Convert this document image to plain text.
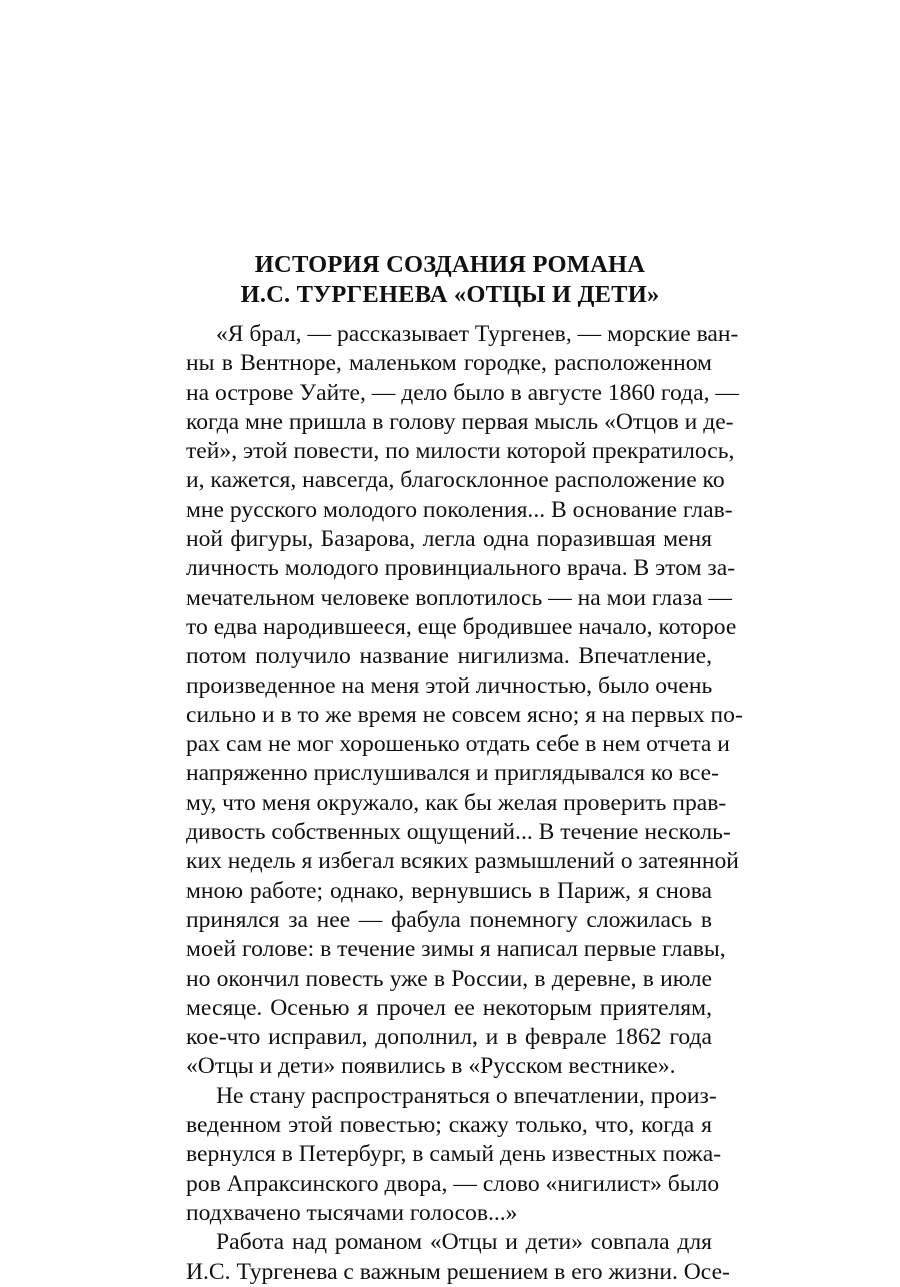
ИСТОРИЯ СОЗДАНИЯ РОМАНА
И.С. ТУРГЕНЕВА «ОТЦЫ И ДЕТИ»
«Я брал, — рассказывает Тургенев, — морские ван-
ны в Вентноре, маленьком городке, расположенном
на острове Уайте, — дело было в августе 1860 года, —
когда мне пришла в голову первая мысль «Отцов и де-
тей», этой повести, по милости которой прекратилось,
и, кажется, навсегда, благосклонное расположение ко
мне русского молодого поколения... В основание глав-
ной фигуры, Базарова, легла одна поразившая меня
личность молодого провинциального врача. В этом за-
мечательном человеке воплотилось — на мои глаза —
то едва народившееся, еще бродившее начало, которое
потом получило название нигилизма. Впечатление,
произведенное на меня этой личностью, было очень
сильно и в то же время не совсем ясно; я на первых по-
рах сам не мог хорошенько отдать себе в нем отчета и
напряженно прислушивался и приглядывался ко все-
му, что меня окружало, как бы желая проверить прав-
дивость собственных ощущений... В течение несколь-
ких недель я избегал всяких размышлений о затеянной
мною работе; однако, вернувшись в Париж, я снова
принялся за нее — фабула понемногу сложилась в
моей голове: в течение зимы я написал первые главы,
но окончил повесть уже в России, в деревне, в июле
месяце. Осенью я прочел ее некоторым приятелям,
кое-что исправил, дополнил, и в феврале 1862 года
«Отцы и дети» появились в «Русском вестнике».
Не стану распространяться о впечатлении, произ-
веденном этой повестью; скажу только, что, когда я
вернулся в Петербург, в самый день известных пожа-
ров Апраксинского двора, — слово «нигилист» было
подхвачено тысячами голосов...»
Работа над романом «Отцы и дети» совпала для
И.С. Тургенева с важным решением в его жизни. Осе-
